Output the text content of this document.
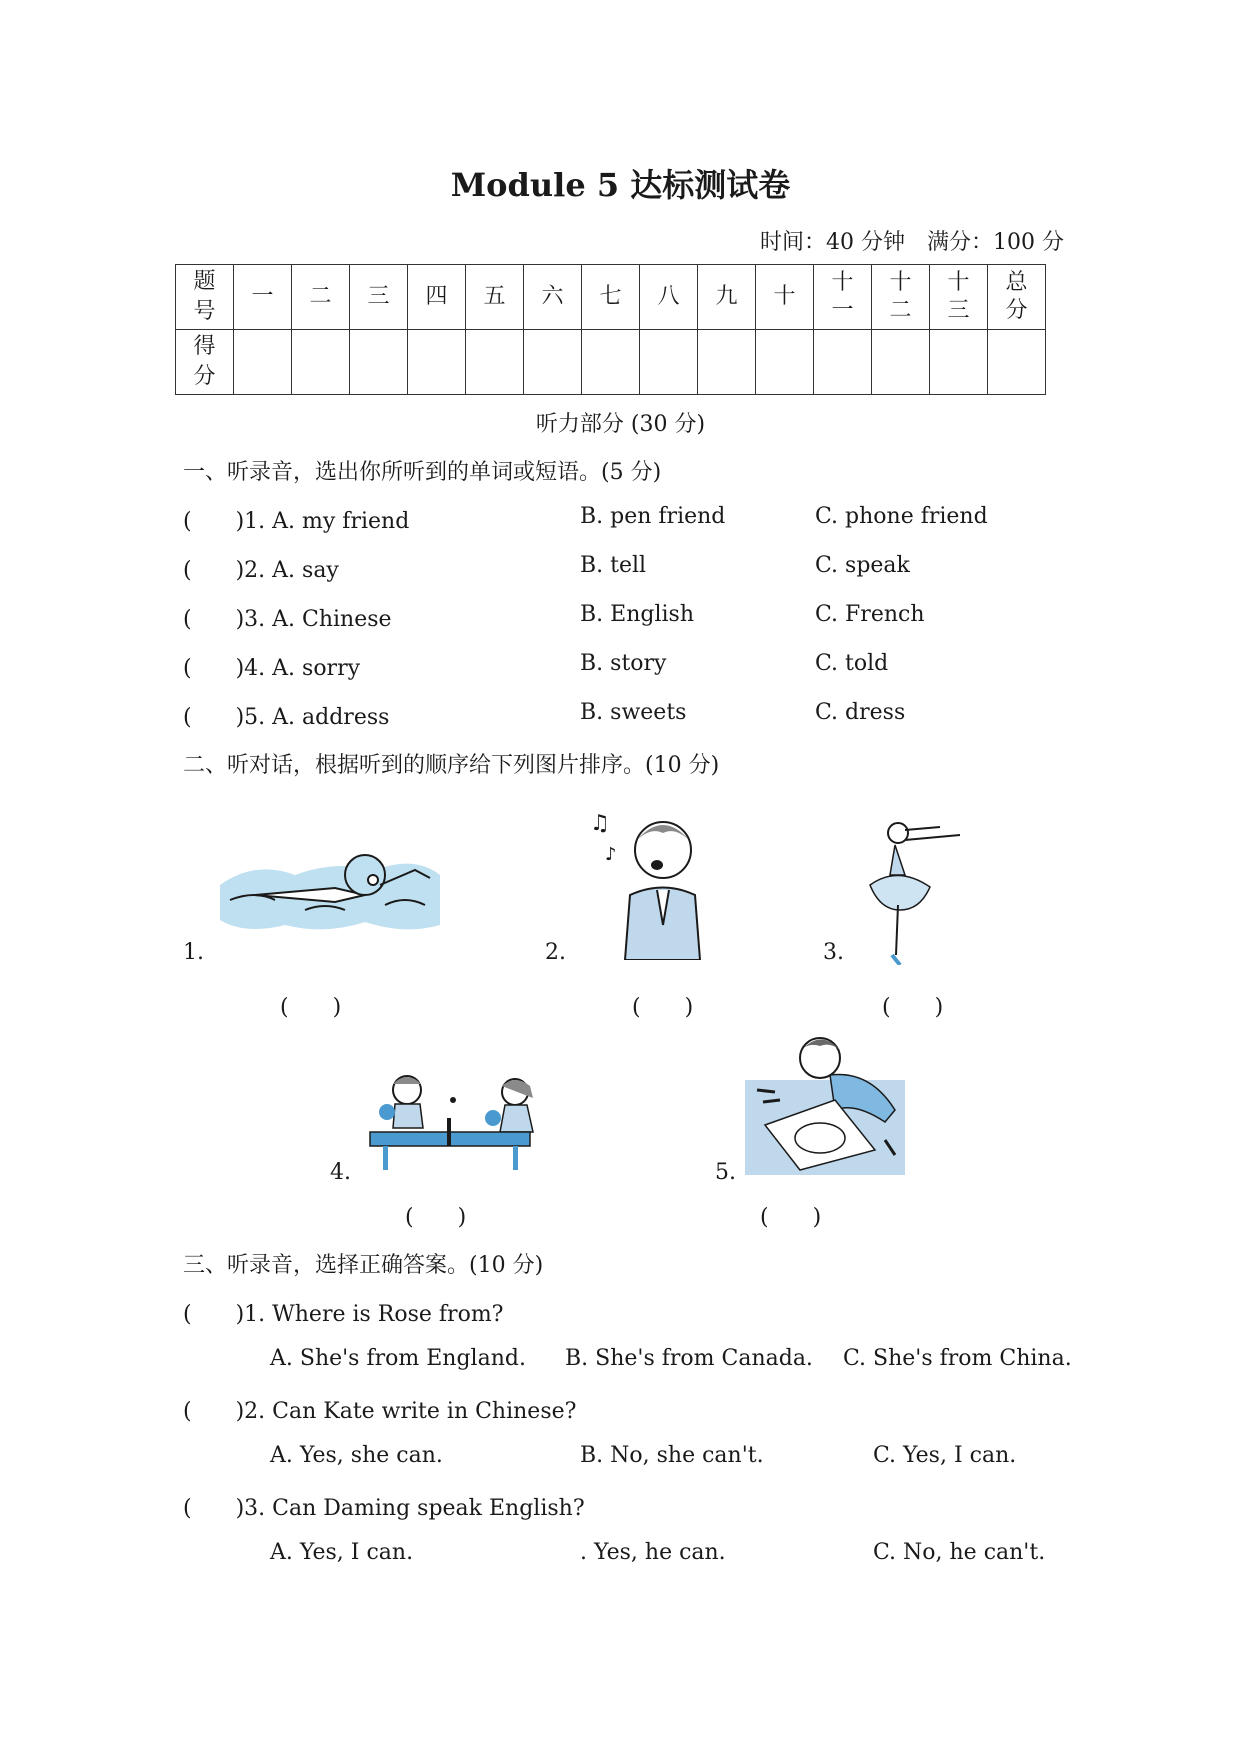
Module 5 达标测试卷
时间：40 分钟　满分：100 分
题号	一	二	三	四	五	六	七	八	九	十	十一	十二	十三	总分
得分														
听力部分 (30 分)
一、听录音，选出你所听到的单词或短语。(5 分)
(　　)1. A. my friend	B. pen friend	C. phone friend
(　　)2. A. say	B. tell	C. speak
(　　)3. A. Chinese	B. English	C. French
(　　)4. A. sorry	B. story	C. told
(　　)5. A. address	B. sweets	C. dress
二、听对话，根据听到的顺序给下列图片排序。(10 分)
1.
(　　)
2.
♫
♪
(　　)
3.
(　　)
4.
(　　)
5.
(　　)
三、听录音，选择正确答案。(10 分)
(　　)1. Where is Rose from?
A. She's from England. B. She's from Canada. C. She's from China.
(　　)2. Can Kate write in Chinese?
A. Yes, she can.	B. No, she can't.	C. Yes, I can.
(　　)3. Can Daming speak English?
A. Yes, I can.	. Yes, he can.	C. No, he can't.
